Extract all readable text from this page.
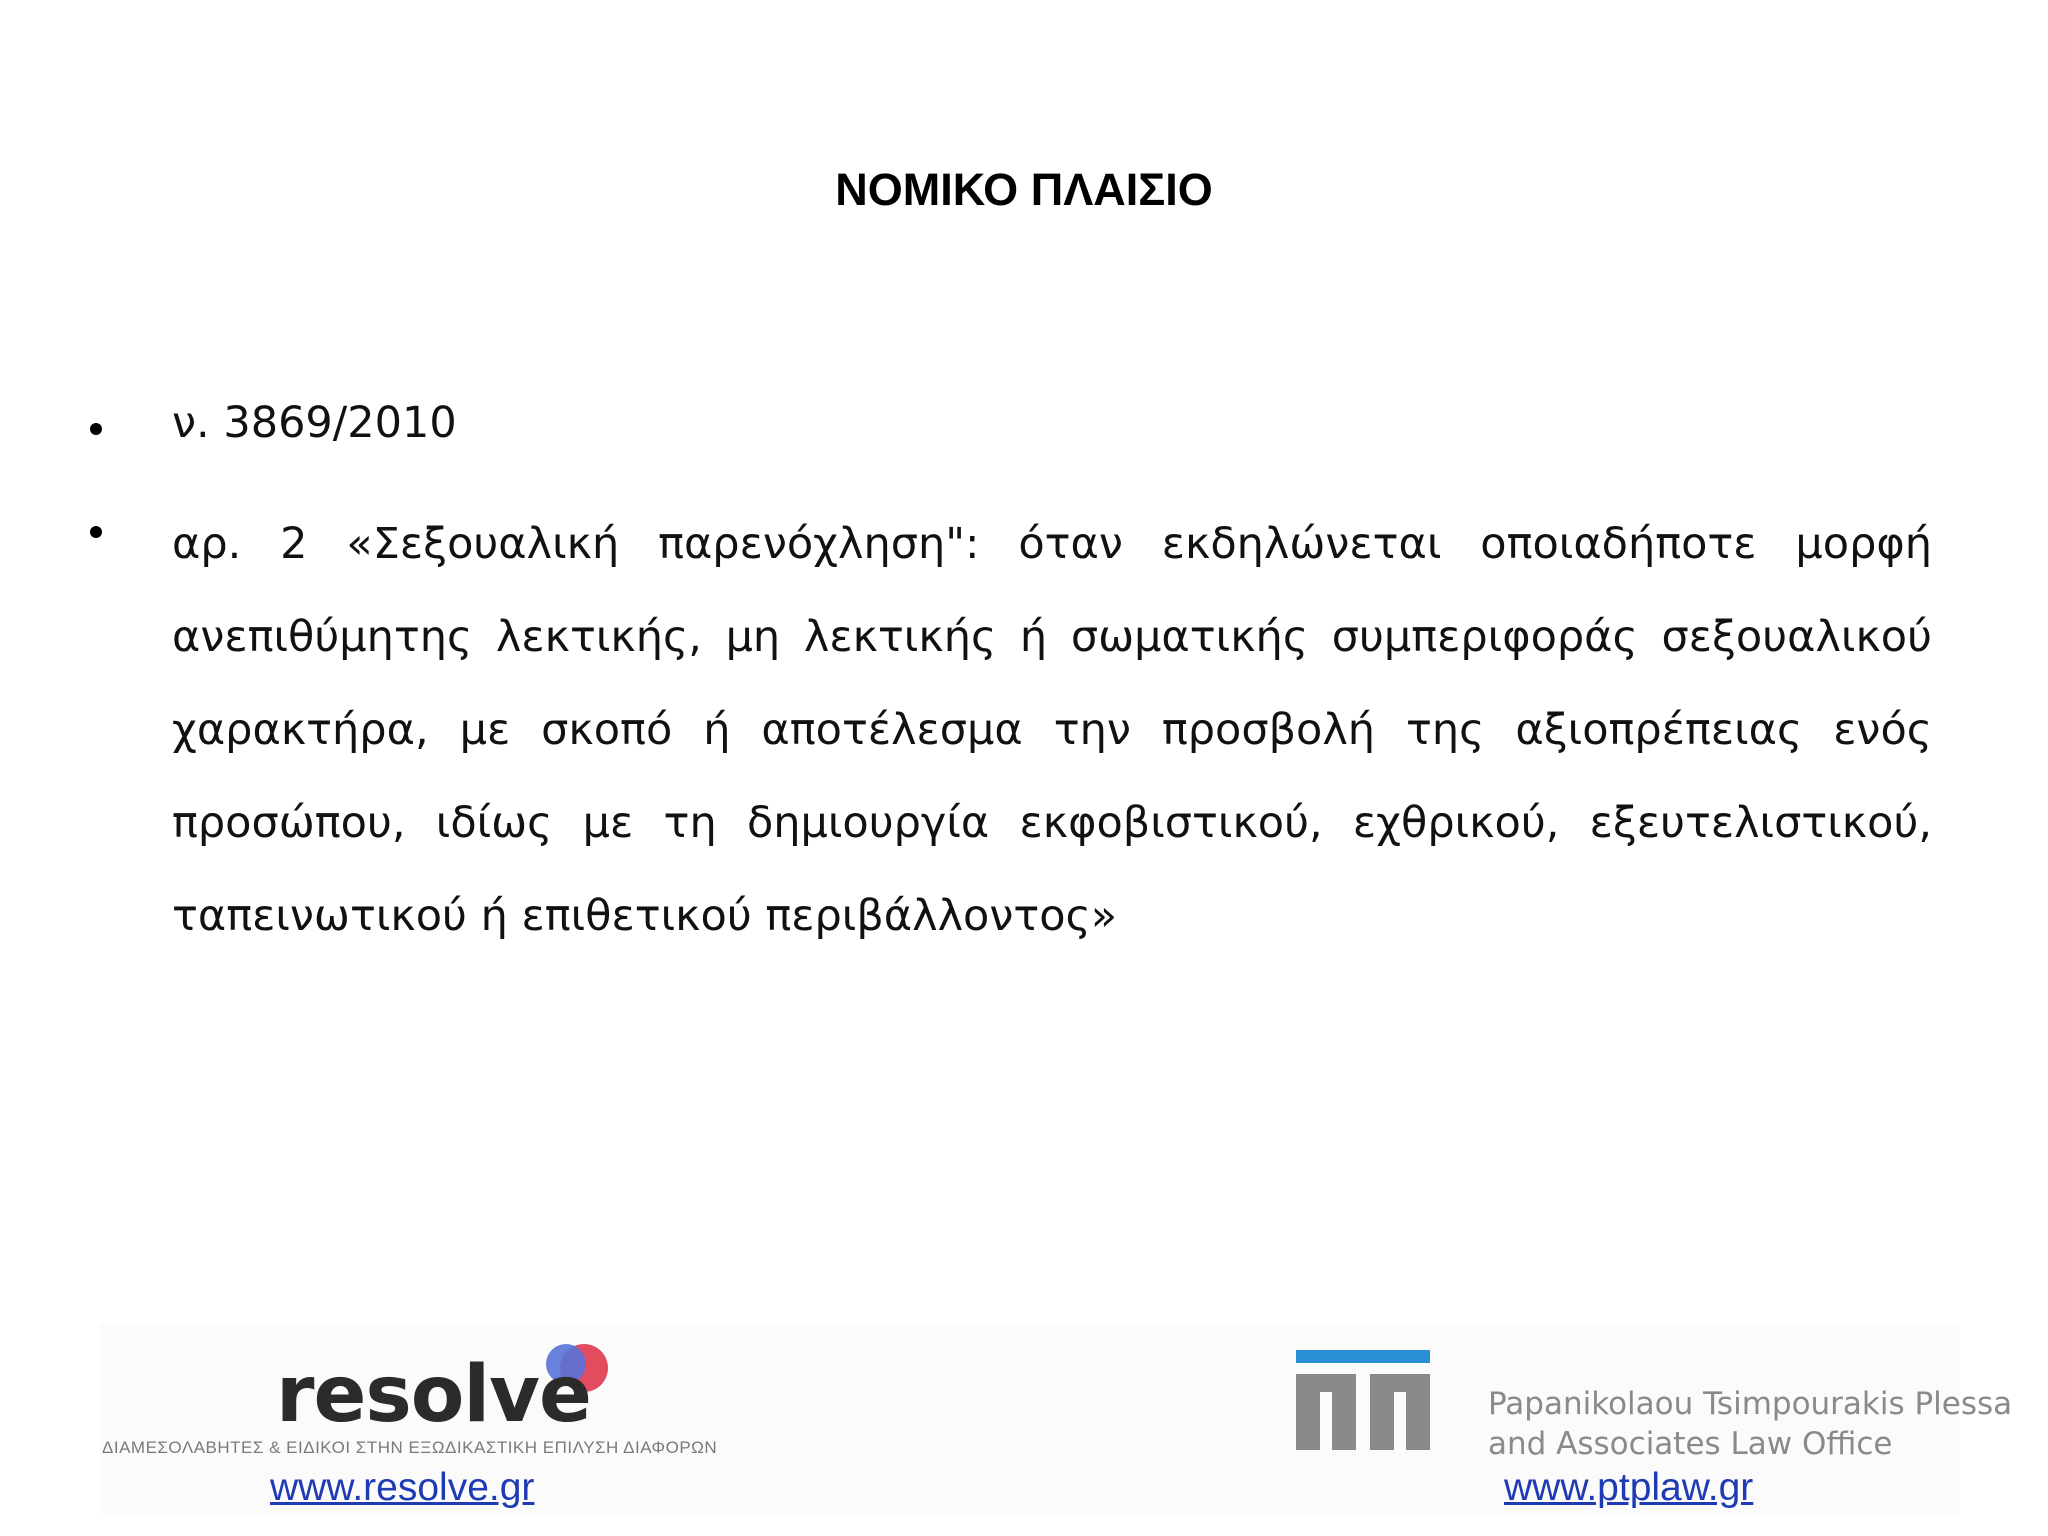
ΝΟΜΙΚΟ ΠΛΑΙΣΙΟ
ν. 3869/2010
αρ. 2 «Σεξουαλική παρενόχληση": όταν εκδηλώνεται οποιαδήποτε μορφή ανεπιθύμητης λεκτικής, μη λεκτικής ή σωματικής συμπεριφοράς σεξουαλικού χαρακτήρα, με σκοπό ή αποτέλεσμα την προσβολή της αξιοπρέπειας ενός προσώπου, ιδίως με τη δημιουργία εκφοβιστικού, εχθρικού, εξευτελιστικού, ταπεινωτικού ή επιθετικού περιβάλλοντος»
resolve
ΔΙΑΜΕΣΟΛΑΒΗΤΕΣ & ΕΙΔΙΚΟΙ ΣΤΗΝ ΕΞΩΔΙΚΑΣΤΙΚΗ ΕΠΙΛΥΣΗ ΔΙΑΦΟΡΩΝ
www.resolve.gr
Papanikolaou Tsimpourakis Plessa
and Associates Law Office
www.ptplaw.gr
